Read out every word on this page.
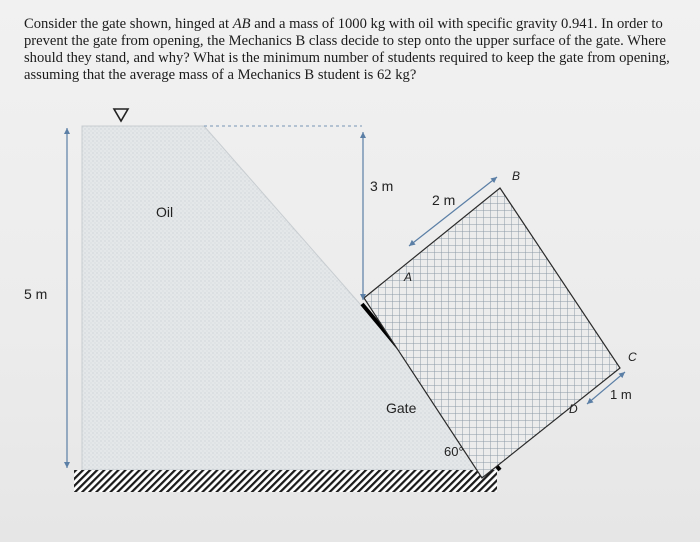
Consider the gate shown, hinged at AB and a mass of 1000 kg with oil with specific gravity 0.941. In order to prevent the gate from opening, the Mechanics B class decide to step onto the upper surface of the gate. Where should they stand, and why? What is the minimum number of students required to keep the gate from opening, assuming that the average mass of a Mechanics B student is 62 kg?

5 m
3 m
2 m
1 m
Oil
Gate
60°
A
B
C
D
